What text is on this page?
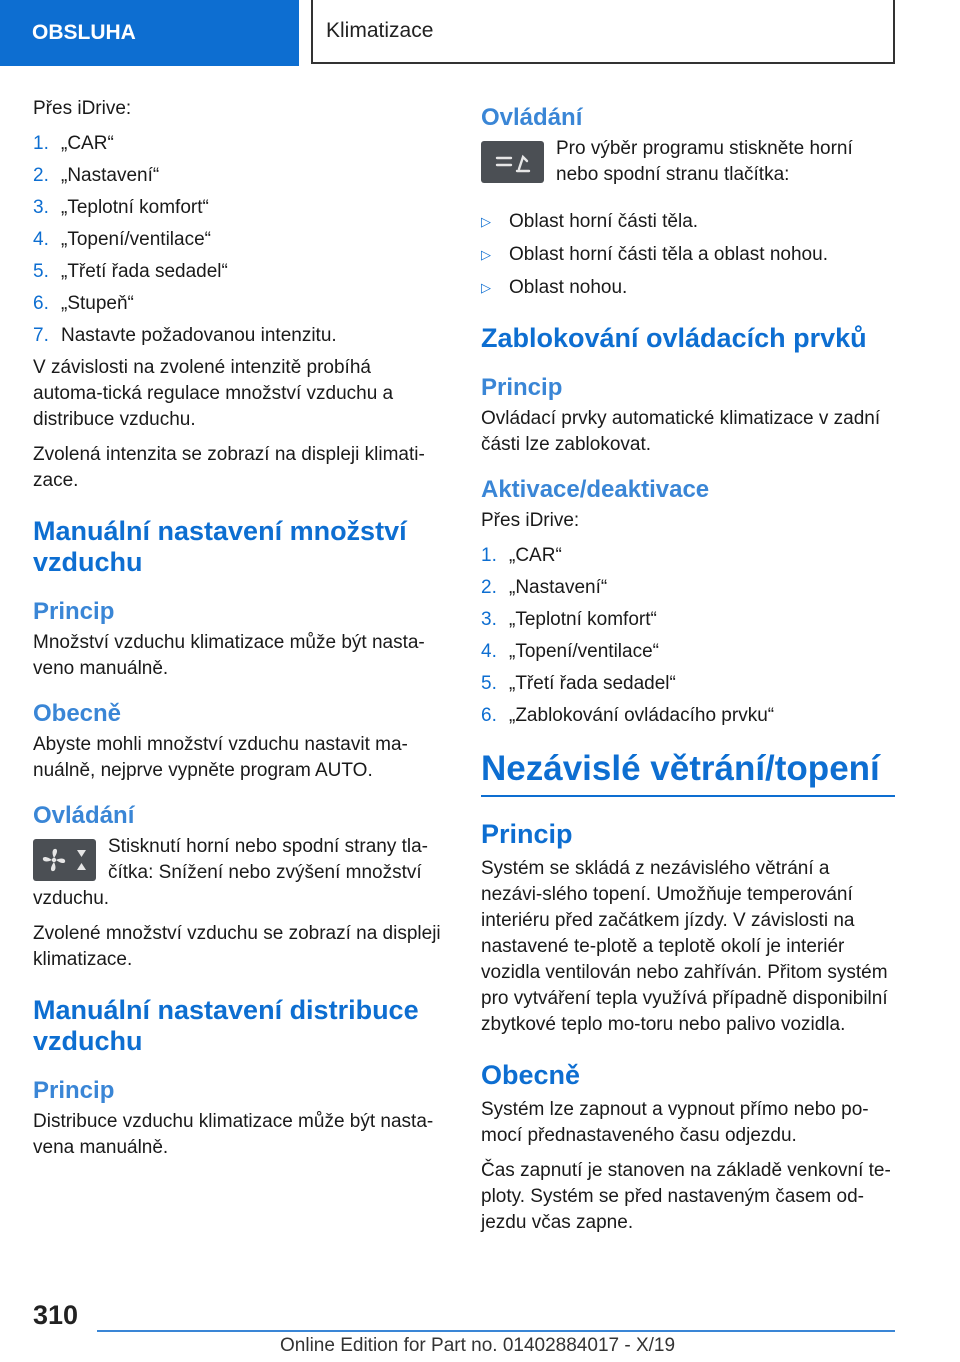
OBSLUHA	Klimatizace

Přes iDrive:

1. „CAR“
2. „Nastavení“
3. „Teplotní komfort“
4. „Topení/ventilace“
5. „Třetí řada sedadel“
6. „Stupeň“
7. Nastavte požadovanou intenzitu.

V závislosti na zvolené intenzitě probíhá automa-tická regulace množství vzduchu a distribuce vzduchu.

Zvolená intenzita se zobrazí na displeji klimati-zace.

Manuální nastavení množství vzduchu
Princip

Množství vzduchu klimatizace může být nasta-veno manuálně.

Obecně

Abyste mohli množství vzduchu nastavit ma-nuálně, nejprve vypněte program AUTO.

Ovládání

Stisknutí horní nebo spodní strany tla-čítka: Snížení nebo zvýšení množství vzduchu.

Zvolené množství vzduchu se zobrazí na displeji klimatizace.

Manuální nastavení distribuce vzduchu
Princip

Distribuce vzduchu klimatizace může být nasta-vena manuálně.

Ovládání

Pro výběr programu stiskněte horní nebo spodní stranu tlačítka:

▷ Oblast horní části těla.
▷ Oblast horní části těla a oblast nohou.
▷ Oblast nohou.
Zablokování ovládacích prvků
Princip

Ovládací prvky automatické klimatizace v zadní části lze zablokovat.

Aktivace/deaktivace

Přes iDrive:

1. „CAR“
2. „Nastavení“
3. „Teplotní komfort“
4. „Topení/ventilace“
5. „Třetí řada sedadel“
6. „Zablokování ovládacího prvku“
Nezávislé větrání/topení
Princip

Systém se skládá z nezávislého větrání a nezávi-slého topení. Umožňuje temperování interiéru před začátkem jízdy. V závislosti na nastavené te-plotě a teplotě okolí je interiér vozidla ventilován nebo zahříván. Přitom systém pro vytváření tepla využívá případně disponibilní zbytkové teplo mo-toru nebo palivo vozidla.

Obecně

Systém lze zapnout a vypnout přímo nebo po-mocí přednastaveného času odjezdu.

Čas zapnutí je stanoven na základě venkovní te-ploty. Systém se před nastaveným časem od-jezdu včas zapne.

310
Online Edition for Part no. 01402884017 - X/19
